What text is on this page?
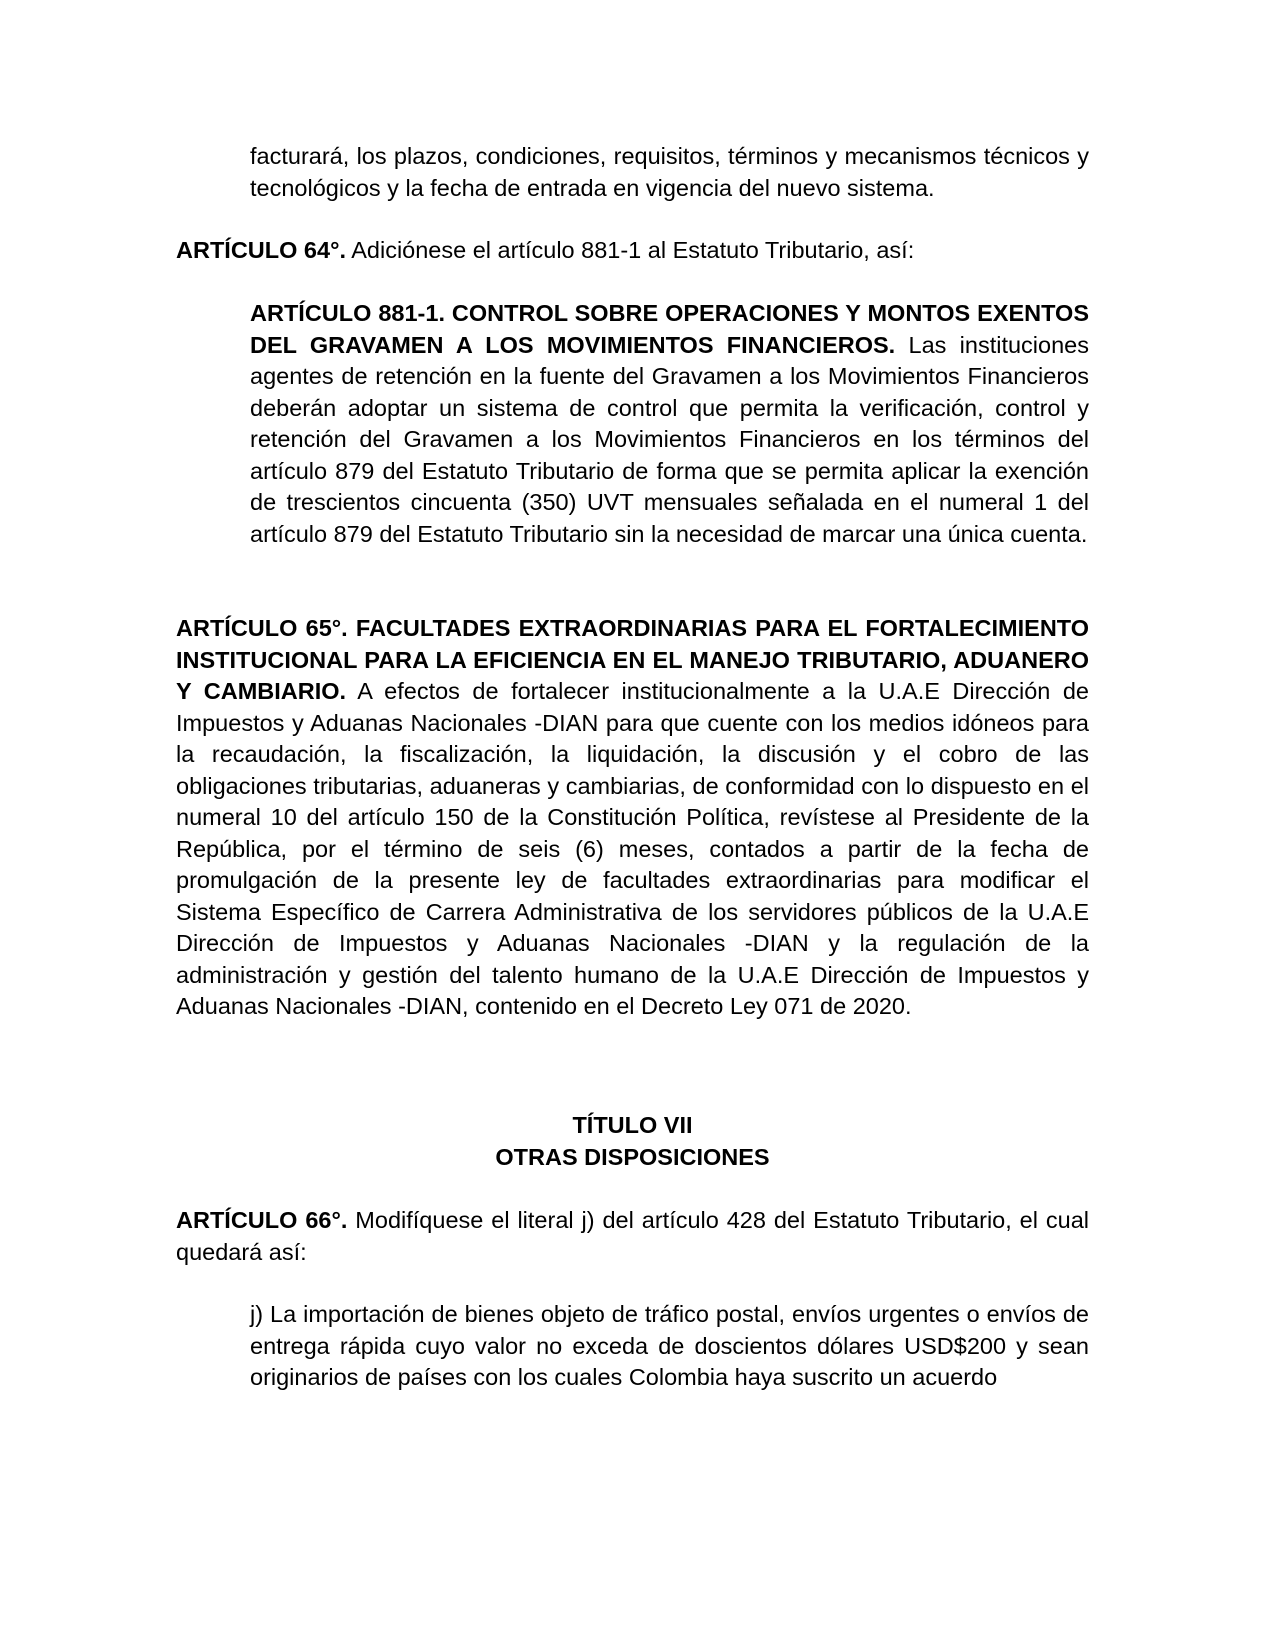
facturará, los plazos, condiciones, requisitos, términos y mecanismos técnicos y tecnológicos y la fecha de entrada en vigencia del nuevo sistema.

ARTÍCULO 64°. Adiciónese el artículo 881-1 al Estatuto Tributario, así:

ARTÍCULO 881-1. CONTROL SOBRE OPERACIONES Y MONTOS EXENTOS DEL GRAVAMEN A LOS MOVIMIENTOS FINANCIEROS. Las instituciones agentes de retención en la fuente del Gravamen a los Movimientos Financieros deberán adoptar un sistema de control que permita la verificación, control y retención del Gravamen a los Movimientos Financieros en los términos del artículo 879 del Estatuto Tributario de forma que se permita aplicar la exención de trescientos cincuenta (350) UVT mensuales señalada en el numeral 1 del artículo 879 del Estatuto Tributario sin la necesidad de marcar una única cuenta.

ARTÍCULO 65°. FACULTADES EXTRAORDINARIAS PARA EL FORTALECIMIENTO INSTITUCIONAL PARA LA EFICIENCIA EN EL MANEJO TRIBUTARIO, ADUANERO Y CAMBIARIO. A efectos de fortalecer institucionalmente a la U.A.E Dirección de Impuestos y Aduanas Nacionales -DIAN para que cuente con los medios idóneos para la recaudación, la fiscalización, la liquidación, la discusión y el cobro de las obligaciones tributarias, aduaneras y cambiarias, de conformidad con lo dispuesto en el numeral 10 del artículo 150 de la Constitución Política, revístese al Presidente de la República, por el término de seis (6) meses, contados a partir de la fecha de promulgación de la presente ley de facultades extraordinarias para modificar el Sistema Específico de Carrera Administrativa de los servidores públicos de la U.A.E Dirección de Impuestos y Aduanas Nacionales -DIAN y la regulación de la administración y gestión del talento humano de la U.A.E Dirección de Impuestos y Aduanas Nacionales -DIAN, contenido en el Decreto Ley 071 de 2020.

TÍTULO VII
OTRAS DISPOSICIONES

ARTÍCULO 66°. Modifíquese el literal j) del artículo 428 del Estatuto Tributario, el cual quedará así:

j) La importación de bienes objeto de tráfico postal, envíos urgentes o envíos de entrega rápida cuyo valor no exceda de doscientos dólares USD$200 y sean originarios de países con los cuales Colombia haya suscrito un acuerdo
